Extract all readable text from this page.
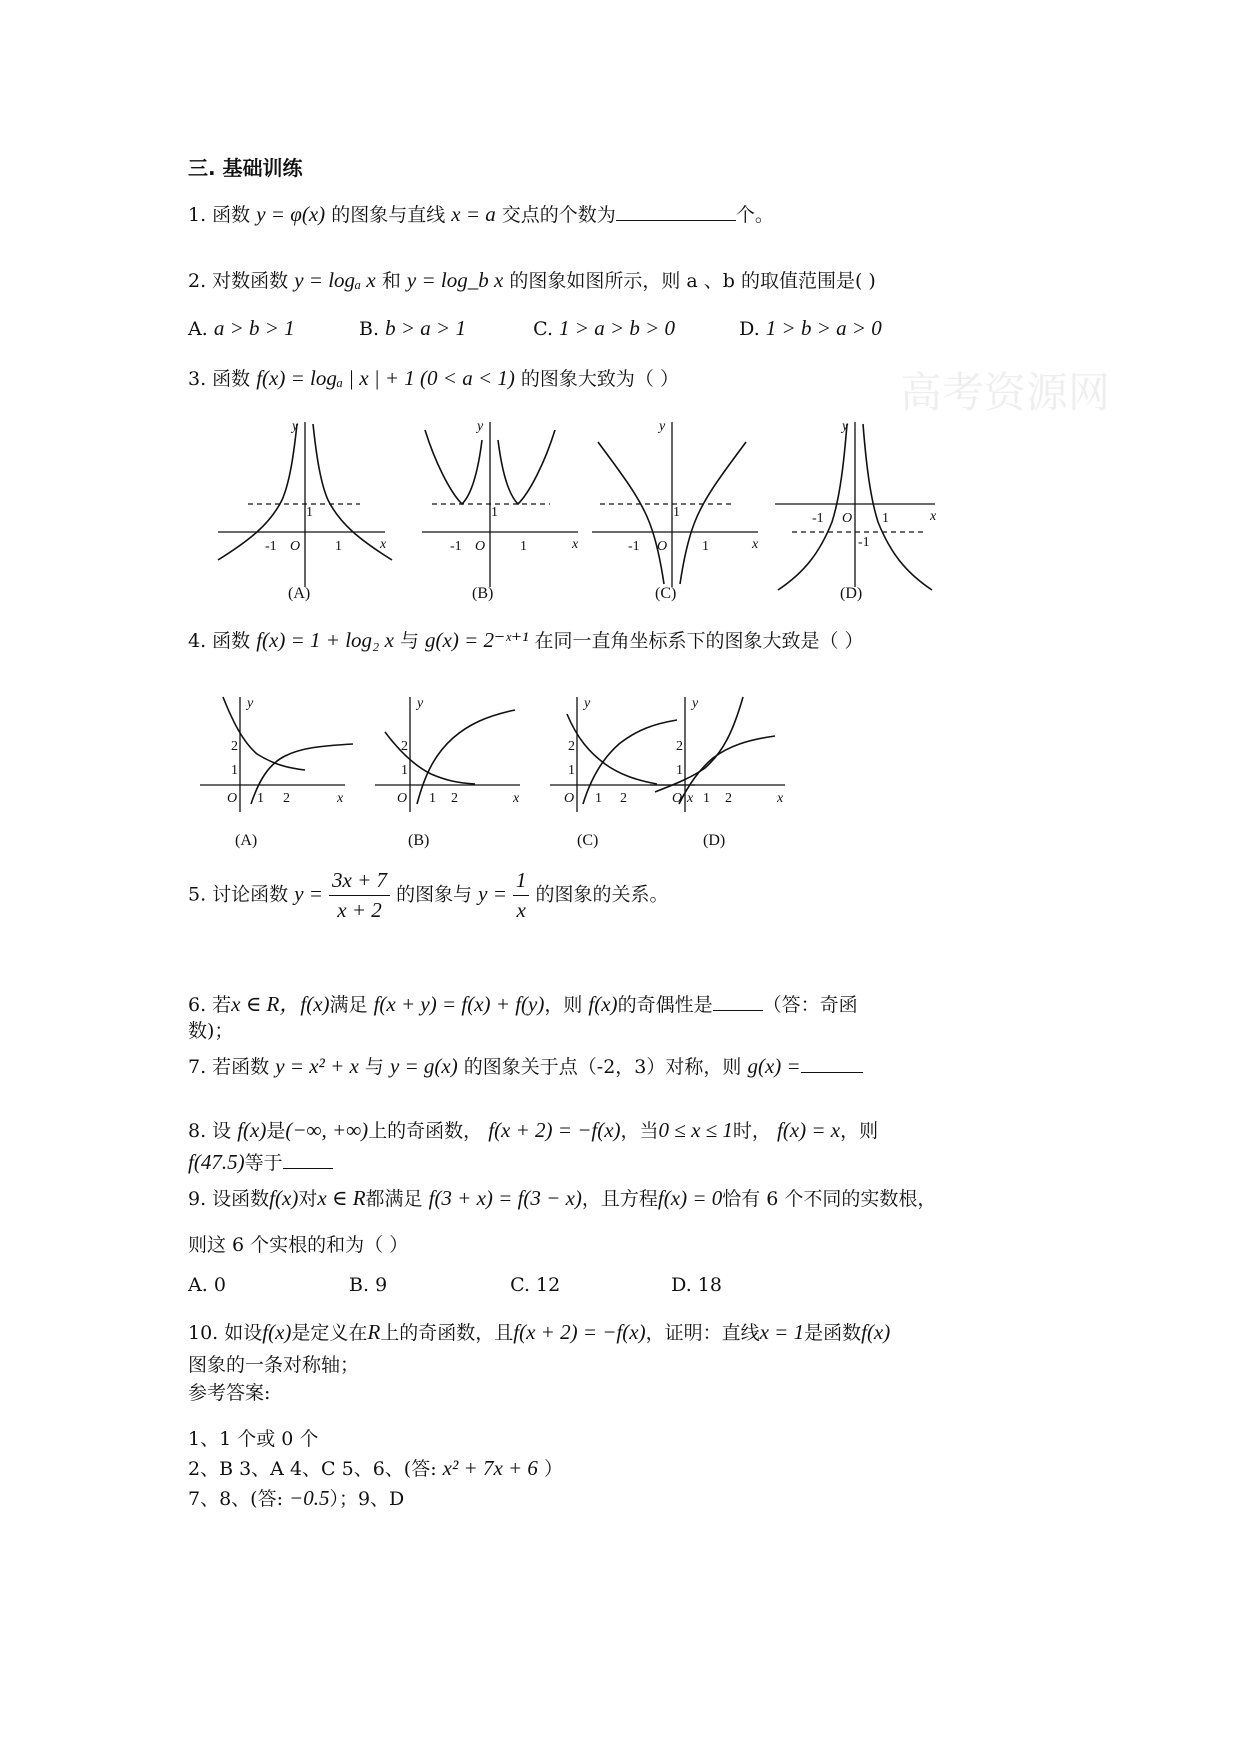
三. 基础训练
高考资源网
1. 函数 y = φ(x) 的图象与直线 x = a 交点的个数为	个。
2. 对数函数 y = logₐ x 和 y = log_b x 的图象如图所示，则 a 、b 的取值范围是( )
A. a > b > 1	B. b > a > 1	C. 1 > a > b > 0	D. 1 > b > a > 0
3. 函数 f(x) = logₐ | x | + 1 (0 < a < 1) 的图象大致为（ ）
y
x
O
-1	1
1
y
x
O
-1	1
1
y
x
O
-1	1
1
y
x
O
-1	1
-1
(A)	(B)	(C)	(D)
4. 函数 f(x) = 1 + log₂ x 与 g(x) = 2⁻ˣ⁺¹ 在同一直角坐标系下的图象大致是（ ）
y
x
O
1
2
1 2
y
x
O
1
2
1 2
y
x
O
1
2
1 2
y
x
O
1
2
1 2
(A)	(B)	(C)	(D)
5. 讨论函数 $y = \frac{3x + 7}{x + 2}$ 的图象与 $y = \frac{1}{x}$ 的图象的关系。
6. 若x ∈ R，f(x)满足 f(x + y) = f(x) + f(y)，则 f(x)的奇偶性是	（答：奇函
数)；
7. 若函数 y = x² + x 与 y = g(x) 的图象关于点（-2，3）对称，则 g(x) =
8. 设 f(x)是(−∞, +∞)上的奇函数， f(x + 2) = −f(x)，当0 ≤ x ≤ 1时， f(x) = x，则
f(47.5)等于
9. 设函数f(x)对x ∈ R都满足 f(3 + x) = f(3 − x)，且方程f(x) = 0恰有 6 个不同的实数根，
则这 6 个实根的和为（ ）
A. 0	B. 9	C. 12	D. 18
10. 如设f(x)是定义在R上的奇函数，且f(x + 2) = −f(x)，证明：直线x = 1是函数f(x)
图象的一条对称轴；
参考答案:
1、1 个或 0 个
2、B 3、A 4、C 5、6、(答: x² + 7x + 6 ）
7、8、(答: −0.5）；9、D
